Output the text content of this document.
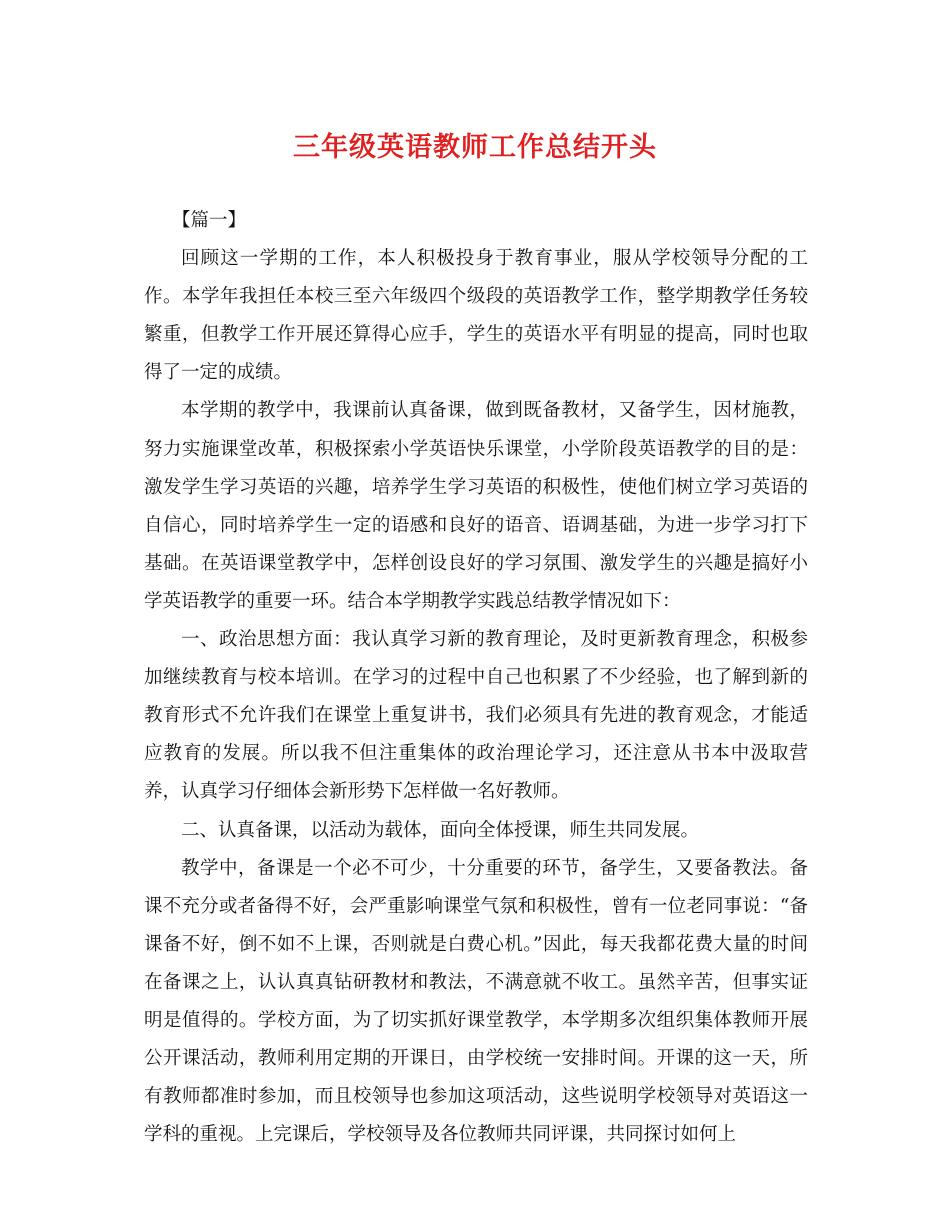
三年级英语教师工作总结开头

【篇一】

回顾这一学期的工作，本人积极投身于教育事业，服从学校领导分配的工作。本学年我担任本校三至六年级四个级段的英语教学工作，整学期教学任务较繁重，但教学工作开展还算得心应手，学生的英语水平有明显的提高，同时也取得了一定的成绩。

本学期的教学中，我课前认真备课，做到既备教材，又备学生，因材施教，努力实施课堂改革，积极探索小学英语快乐课堂，小学阶段英语教学的目的是：激发学生学习英语的兴趣，培养学生学习英语的积极性，使他们树立学习英语的自信心，同时培养学生一定的语感和良好的语音、语调基础，为进一步学习打下基础。在英语课堂教学中，怎样创设良好的学习氛围、激发学生的兴趣是搞好小学英语教学的重要一环。结合本学期教学实践总结教学情况如下：

一、政治思想方面：我认真学习新的教育理论，及时更新教育理念，积极参加继续教育与校本培训。在学习的过程中自己也积累了不少经验，也了解到新的教育形式不允许我们在课堂上重复讲书，我们必须具有先进的教育观念，才能适应教育的发展。所以我不但注重集体的政治理论学习，还注意从书本中汲取营养，认真学习仔细体会新形势下怎样做一名好教师。

二、认真备课，以活动为载体，面向全体授课，师生共同发展。

教学中，备课是一个必不可少，十分重要的环节，备学生，又要备教法。备课不充分或者备得不好，会严重影响课堂气氛和积极性，曾有一位老同事说：“备课备不好，倒不如不上课，否则就是白费心机。”因此，每天我都花费大量的时间在备课之上，认认真真钻研教材和教法，不满意就不收工。虽然辛苦，但事实证明是值得的。学校方面，为了切实抓好课堂教学，本学期多次组织集体教师开展公开课活动，教师利用定期的开课日，由学校统一安排时间。开课的这一天，所有教师都准时参加，而且校领导也参加这项活动，这些说明学校领导对英语这一学科的重视。上完课后，学校领导及各位教师共同评课，共同探讨如何上
